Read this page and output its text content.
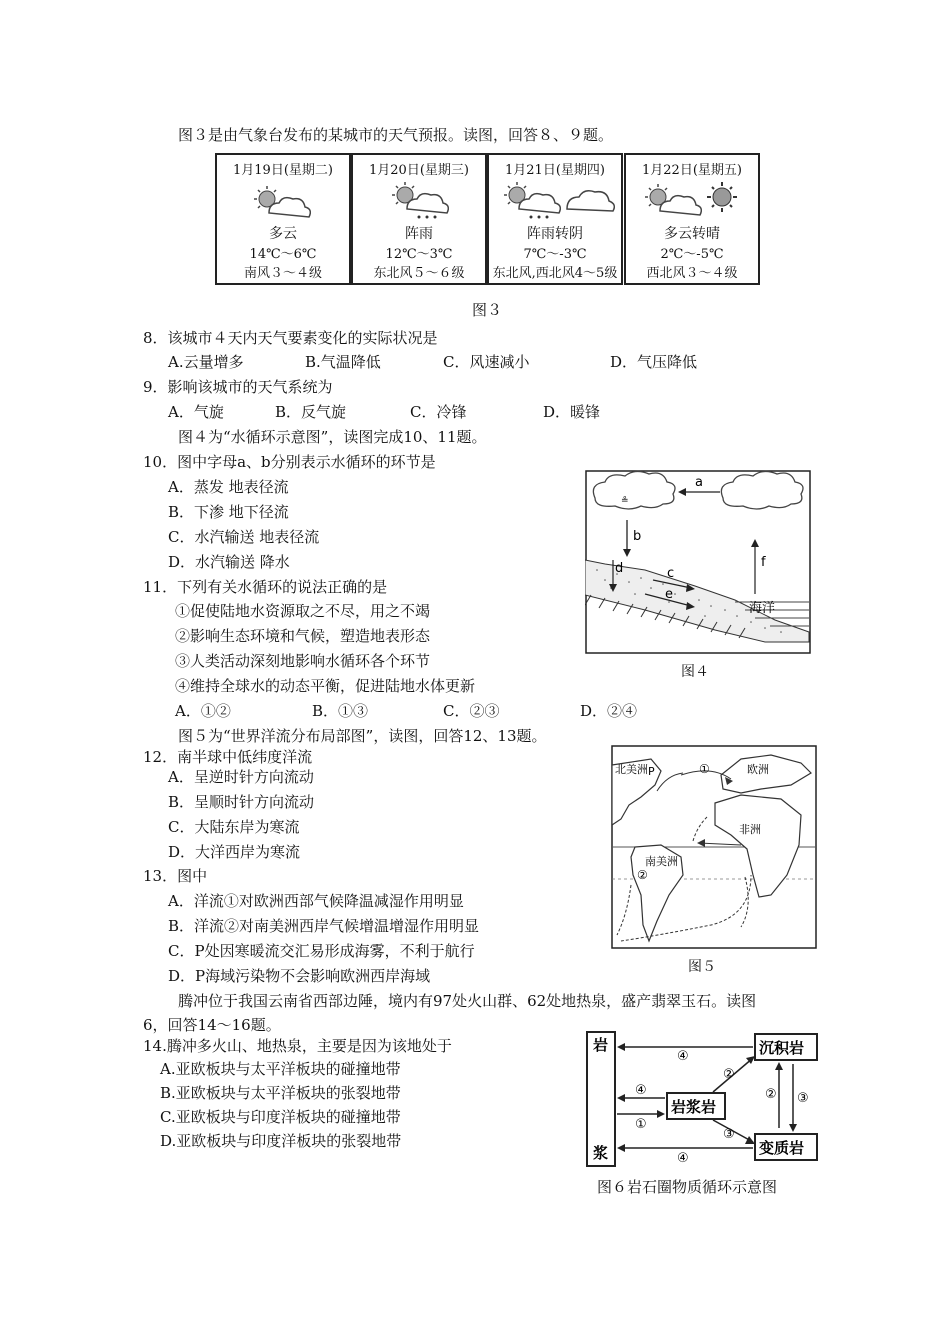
图３是由气象台发布的某城市的天气预报。读图，回答８、９题。
1月19日(星期二)
多云
14℃～6℃
南风３～４级
1月20日(星期三)
阵雨
12℃～3℃
东北风５～６级
1月21日(星期四)
阵雨转阴
7℃～-3℃
东北风,西北风4～5级
1月22日(星期五)
多云转晴
2℃～-5℃
西北风３～４级
图３
8．该城市４天内天气要素变化的实际状况是
A.云量增多	B.气温降低	C．风速减小	D．气压降低
9．影响该城市的天气系统为
A．气旋	B．反气旋	C．冷锋	D．暖锋
图４为“水循环示意图”，读图完成10、11题。
10．图中字母a、b分别表示水循环的环节是
A．蒸发 地表径流
B．下渗 地下径流
C．水汽输送 地表径流
D．水汽输送 降水
11．下列有关水循环的说法正确的是
①促使陆地水资源取之不尽，用之不竭
②影响生态环境和气候，塑造地表形态
③人类活动深刻地影响水循环各个环节
④维持全球水的动态平衡，促进陆地水体更新
A．①②	B．①③	C．②③	D．②④
≗
a
b
d	c
e
海洋
f
图４
图５为“世界洋流分布局部图”，读图，回答12、13题。
12．南半球中低纬度洋流
A．呈逆时针方向流动
B．呈顺时针方向流动
C．大陆东岸为寒流
D．大洋西岸为寒流
13．图中
A．洋流①对欧洲西部气候降温减湿作用明显
B．洋流②对南美洲西岸气候增温增湿作用明显
C．P处因寒暖流交汇易形成海雾，不利于航行
D．P海域污染物不会影响欧洲西岸海域
北美洲 P	①	欧洲
非洲
南美洲
②
图５
腾冲位于我国云南省西部边陲，境内有97处火山群、62处地热泉，盛产翡翠玉石。读图
6，回答14～16题。
14.腾冲多火山、地热泉，主要是因为该地处于
A.亚欧板块与太平洋板块的碰撞地带
B.亚欧板块与太平洋板块的张裂地带
C.亚欧板块与印度洋板块的碰撞地带
D.亚欧板块与印度洋板块的张裂地带
岩
浆
沉积岩
岩浆岩
变质岩
④
②
②
④
①
③
③
④
图６岩石圈物质循环示意图
